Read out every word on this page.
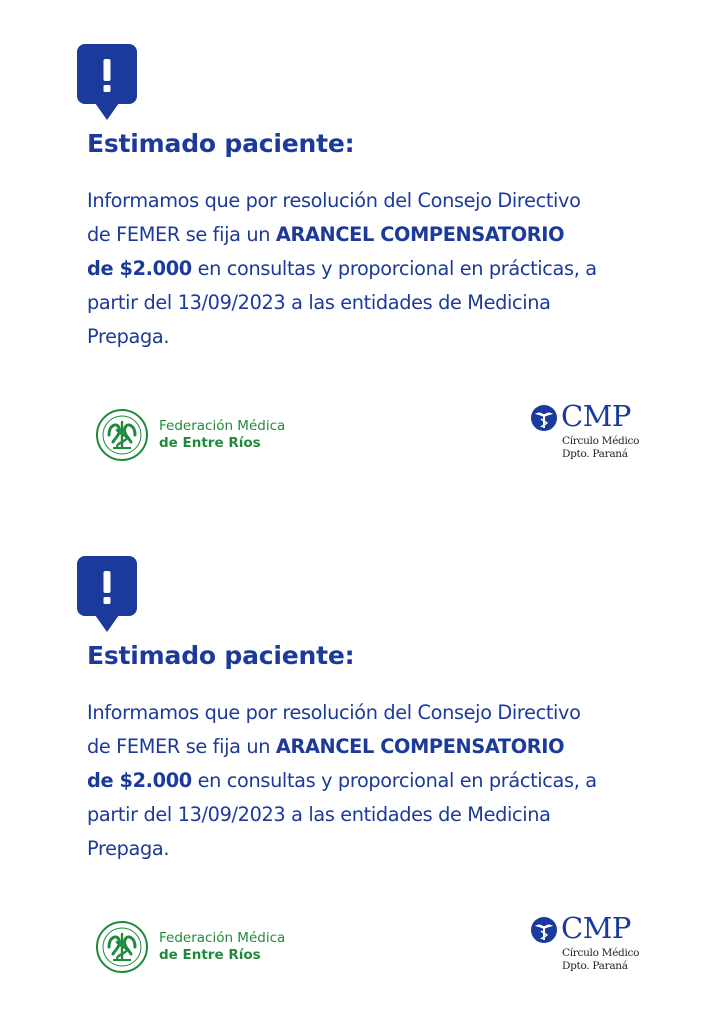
Estimado paciente:

Informamos que por resolución del Consejo Directivo
de FEMER se fija un ARANCEL COMPENSATORIO
de $2.000 en consultas y proporcional en prácticas, a
partir del 13/09/2023 a las entidades de Medicina
Prepaga.

Federación Médica
de Entre Ríos
CMP
Círculo Médico
Dpto. Paraná
Estimado paciente:

Informamos que por resolución del Consejo Directivo
de FEMER se fija un ARANCEL COMPENSATORIO
de $2.000 en consultas y proporcional en prácticas, a
partir del 13/09/2023 a las entidades de Medicina
Prepaga.

Federación Médica
de Entre Ríos
CMP
Círculo Médico
Dpto. Paraná
